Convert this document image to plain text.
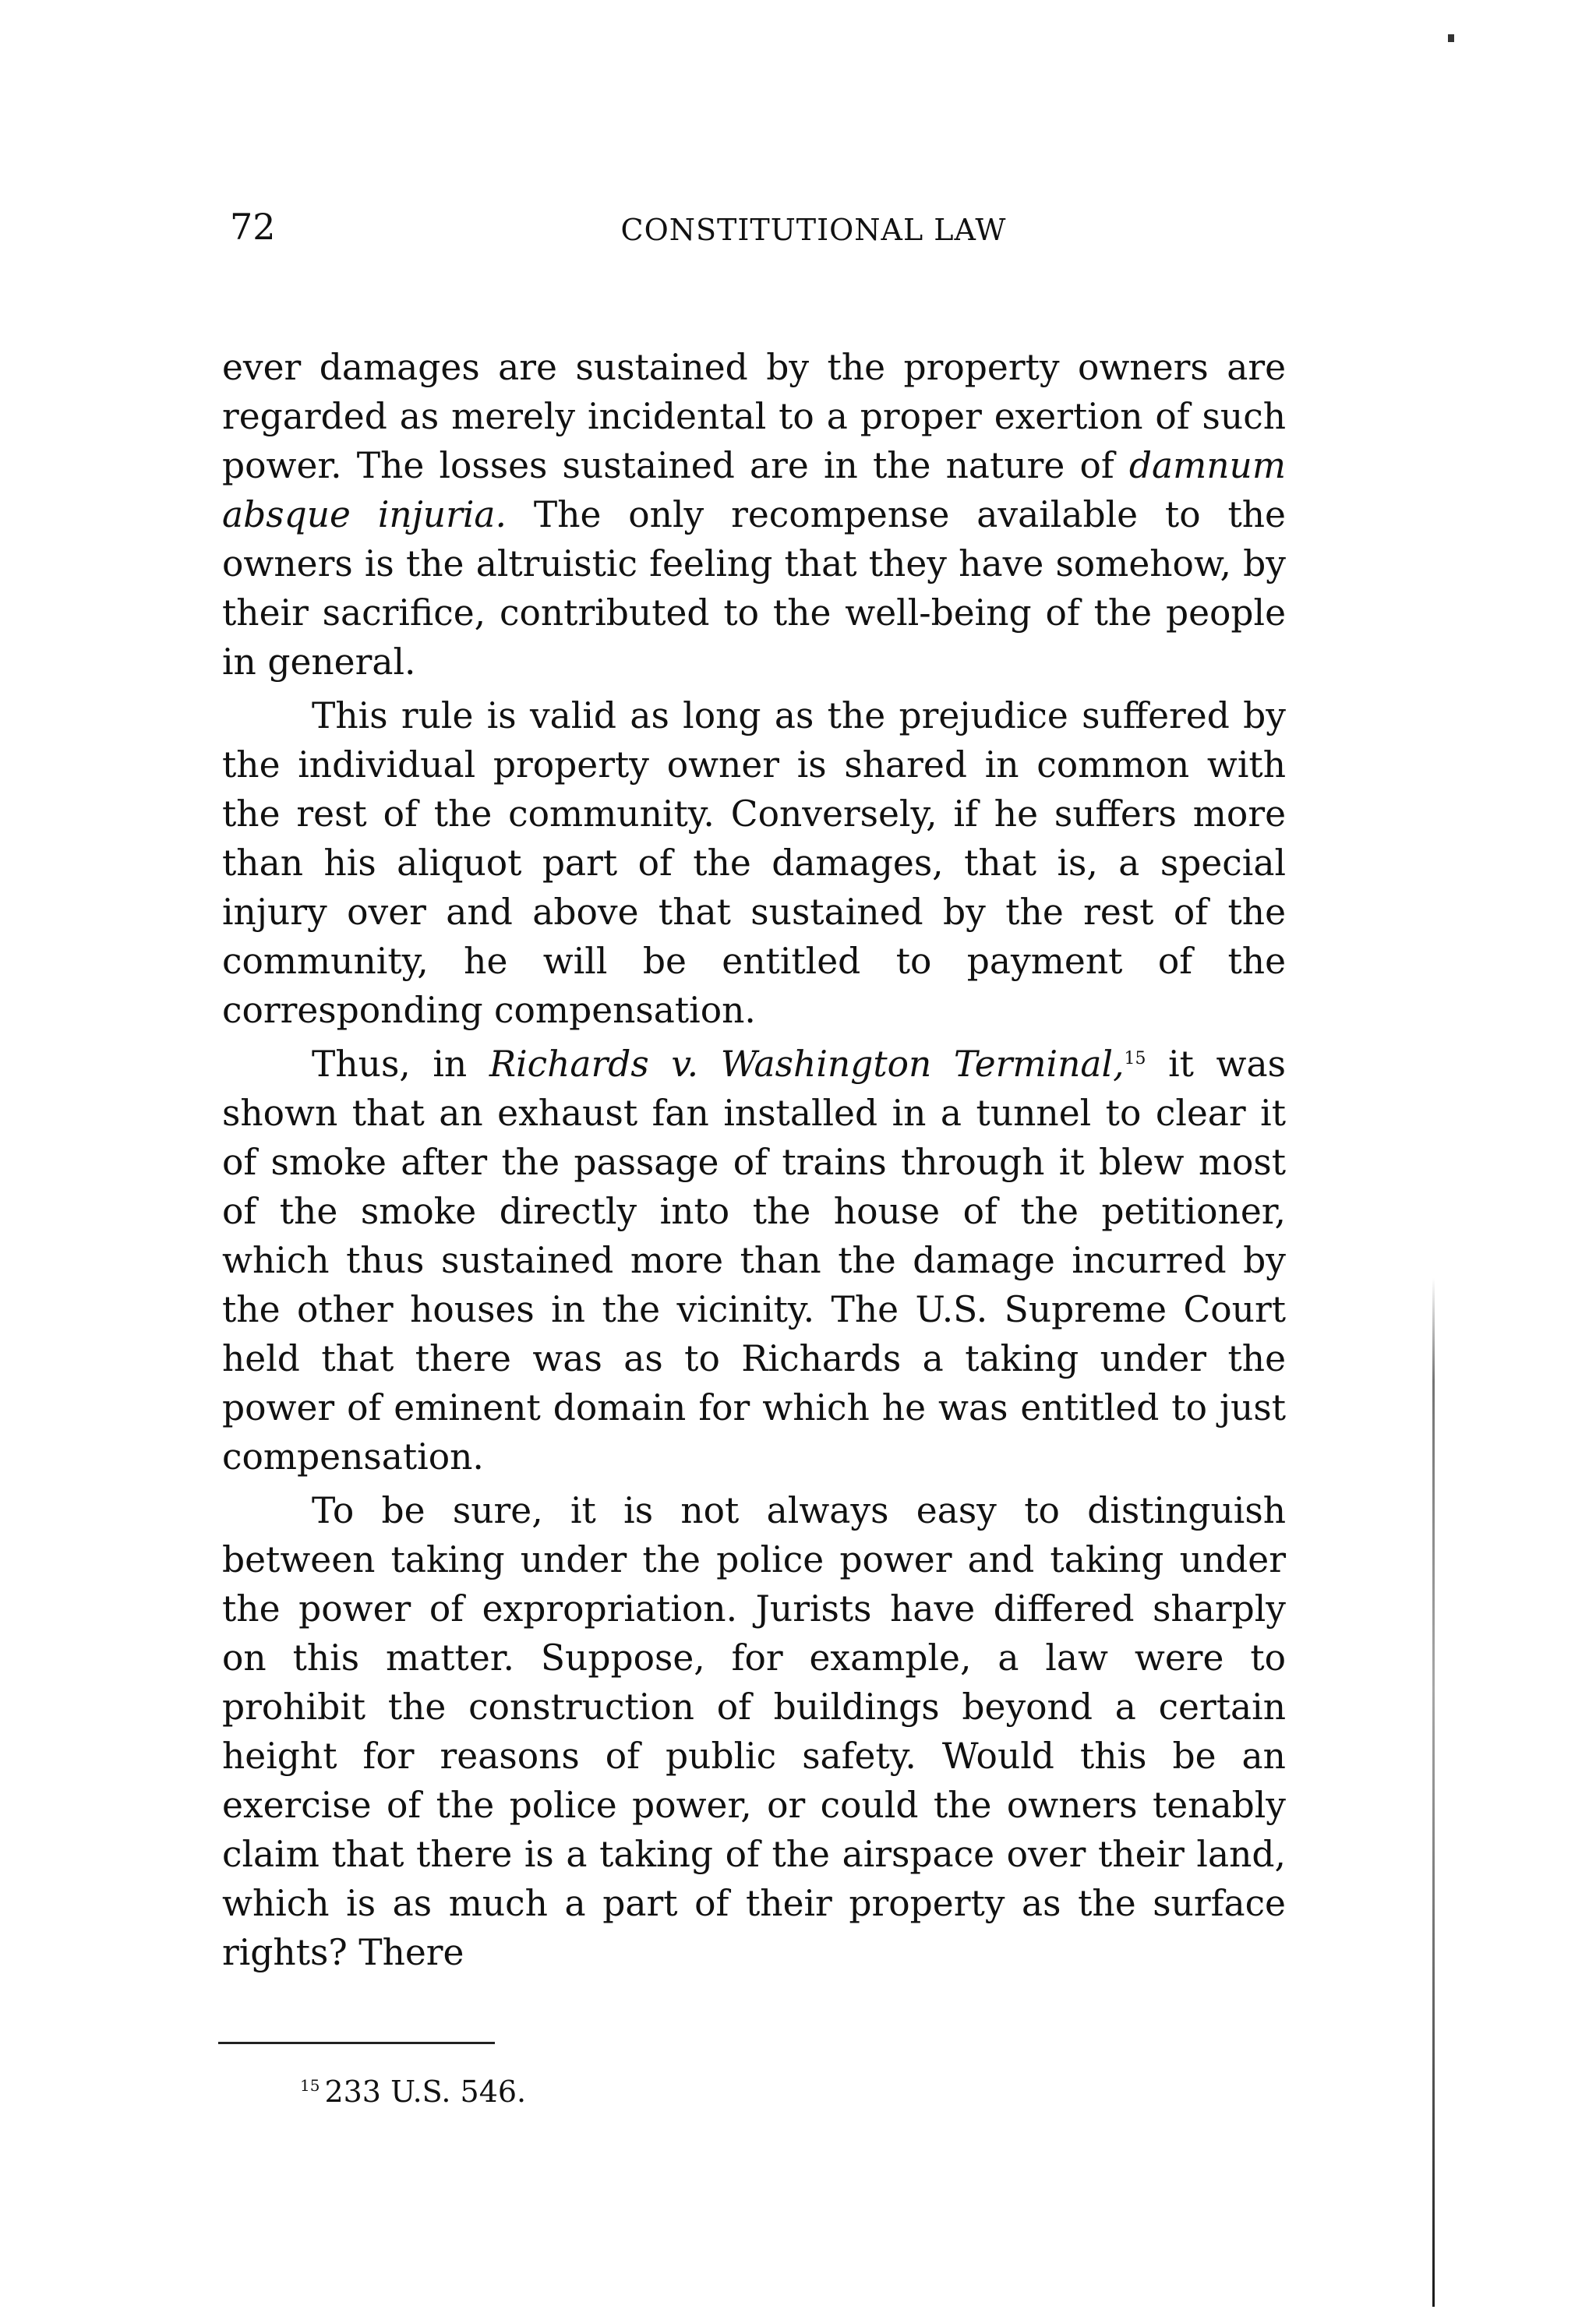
72	CONSTITUTIONAL LAW

ever damages are sustained by the property owners are regarded as merely incidental to a proper exertion of such power. The losses sustained are in the nature of damnum absque injuria. The only recompense available to the owners is the altruistic feeling that they have somehow, by their sacrifice, contributed to the well-being of the people in general.

This rule is valid as long as the prejudice suffered by the individual property owner is shared in common with the rest of the community. Conversely, if he suffers more than his aliquot part of the damages, that is, a special injury over and above that sustained by the rest of the community, he will be entitled to payment of the corresponding compensation.

Thus, in Richards v. Washington Terminal,$^{15}$ it was shown that an exhaust fan installed in a tunnel to clear it of smoke after the passage of trains through it blew most of the smoke directly into the house of the petitioner, which thus sustained more than the damage incurred by the other houses in the vicinity. The U.S. Supreme Court held that there was as to Richards a taking under the power of eminent domain for which he was entitled to just compensation.

To be sure, it is not always easy to distinguish between taking under the police power and taking under the power of expropriation. Jurists have differed sharply on this matter. Suppose, for example, a law were to prohibit the construction of buildings beyond a certain height for reasons of public safety. Would this be an exercise of the police power, or could the owners tenably claim that there is a taking of the airspace over their land, which is as much a part of their property as the surface rights? There

$^{15}$ 233 U.S. 546.
